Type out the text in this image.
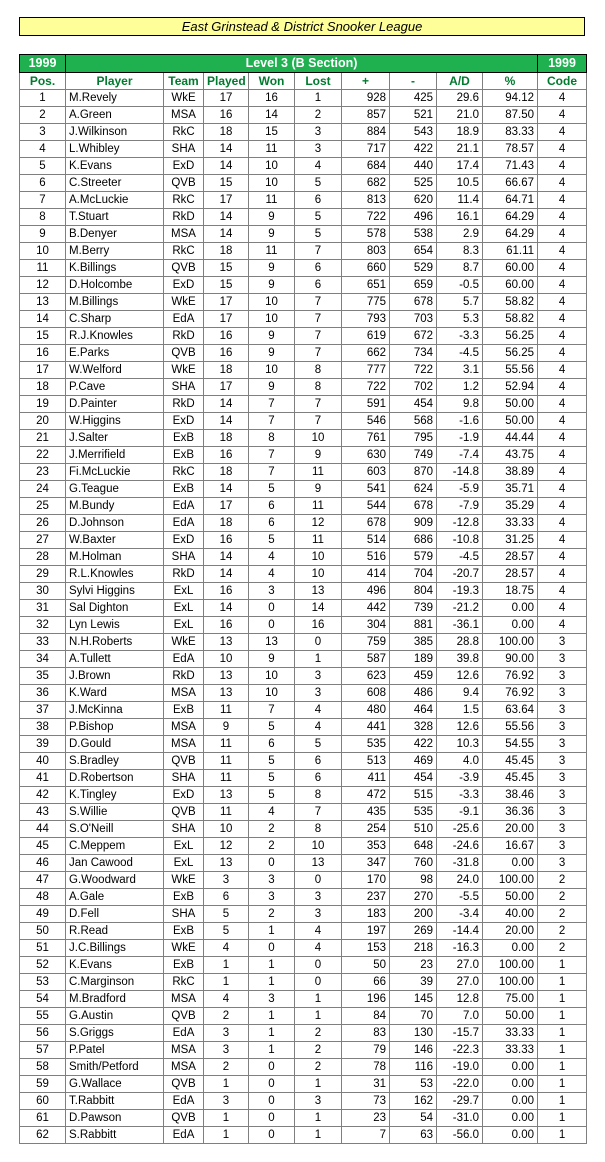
East Grinstead & District Snooker League
1999	Level 3 (B Section)									1999
Pos.	Player	Team	Played	Won	Lost	+	-	A/D	%	Code
1	M.Revely	WkE	17	16	1	928	425	29.6	94.12	4
2	A.Green	MSA	16	14	2	857	521	21.0	87.50	4
3	J.Wilkinson	RkC	18	15	3	884	543	18.9	83.33	4
4	L.Whibley	SHA	14	11	3	717	422	21.1	78.57	4
5	K.Evans	ExD	14	10	4	684	440	17.4	71.43	4
6	C.Streeter	QVB	15	10	5	682	525	10.5	66.67	4
7	A.McLuckie	RkC	17	11	6	813	620	11.4	64.71	4
8	T.Stuart	RkD	14	9	5	722	496	16.1	64.29	4
9	B.Denyer	MSA	14	9	5	578	538	2.9	64.29	4
10	M.Berry	RkC	18	11	7	803	654	8.3	61.11	4
11	K.Billings	QVB	15	9	6	660	529	8.7	60.00	4
12	D.Holcombe	ExD	15	9	6	651	659	-0.5	60.00	4
13	M.Billings	WkE	17	10	7	775	678	5.7	58.82	4
14	C.Sharp	EdA	17	10	7	793	703	5.3	58.82	4
15	R.J.Knowles	RkD	16	9	7	619	672	-3.3	56.25	4
16	E.Parks	QVB	16	9	7	662	734	-4.5	56.25	4
17	W.Welford	WkE	18	10	8	777	722	3.1	55.56	4
18	P.Cave	SHA	17	9	8	722	702	1.2	52.94	4
19	D.Painter	RkD	14	7	7	591	454	9.8	50.00	4
20	W.Higgins	ExD	14	7	7	546	568	-1.6	50.00	4
21	J.Salter	ExB	18	8	10	761	795	-1.9	44.44	4
22	J.Merrifield	ExB	16	7	9	630	749	-7.4	43.75	4
23	Fi.McLuckie	RkC	18	7	11	603	870	-14.8	38.89	4
24	G.Teague	ExB	14	5	9	541	624	-5.9	35.71	4
25	M.Bundy	EdA	17	6	11	544	678	-7.9	35.29	4
26	D.Johnson	EdA	18	6	12	678	909	-12.8	33.33	4
27	W.Baxter	ExD	16	5	11	514	686	-10.8	31.25	4
28	M.Holman	SHA	14	4	10	516	579	-4.5	28.57	4
29	R.L.Knowles	RkD	14	4	10	414	704	-20.7	28.57	4
30	Sylvi Higgins	ExL	16	3	13	496	804	-19.3	18.75	4
31	Sal Dighton	ExL	14	0	14	442	739	-21.2	0.00	4
32	Lyn Lewis	ExL	16	0	16	304	881	-36.1	0.00	4
33	N.H.Roberts	WkE	13	13	0	759	385	28.8	100.00	3
34	A.Tullett	EdA	10	9	1	587	189	39.8	90.00	3
35	J.Brown	RkD	13	10	3	623	459	12.6	76.92	3
36	K.Ward	MSA	13	10	3	608	486	9.4	76.92	3
37	J.McKinna	ExB	11	7	4	480	464	1.5	63.64	3
38	P.Bishop	MSA	9	5	4	441	328	12.6	55.56	3
39	D.Gould	MSA	11	6	5	535	422	10.3	54.55	3
40	S.Bradley	QVB	11	5	6	513	469	4.0	45.45	3
41	D.Robertson	SHA	11	5	6	411	454	-3.9	45.45	3
42	K.Tingley	ExD	13	5	8	472	515	-3.3	38.46	3
43	S.Willie	QVB	11	4	7	435	535	-9.1	36.36	3
44	S.O'Neill	SHA	10	2	8	254	510	-25.6	20.00	3
45	C.Meppem	ExL	12	2	10	353	648	-24.6	16.67	3
46	Jan Cawood	ExL	13	0	13	347	760	-31.8	0.00	3
47	G.Woodward	WkE	3	3	0	170	98	24.0	100.00	2
48	A.Gale	ExB	6	3	3	237	270	-5.5	50.00	2
49	D.Fell	SHA	5	2	3	183	200	-3.4	40.00	2
50	R.Read	ExB	5	1	4	197	269	-14.4	20.00	2
51	J.C.Billings	WkE	4	0	4	153	218	-16.3	0.00	2
52	K.Evans	ExB	1	1	0	50	23	27.0	100.00	1
53	C.Marginson	RkC	1	1	0	66	39	27.0	100.00	1
54	M.Bradford	MSA	4	3	1	196	145	12.8	75.00	1
55	G.Austin	QVB	2	1	1	84	70	7.0	50.00	1
56	S.Griggs	EdA	3	1	2	83	130	-15.7	33.33	1
57	P.Patel	MSA	3	1	2	79	146	-22.3	33.33	1
58	Smith/Petford	MSA	2	0	2	78	116	-19.0	0.00	1
59	G.Wallace	QVB	1	0	1	31	53	-22.0	0.00	1
60	T.Rabbitt	EdA	3	0	3	73	162	-29.7	0.00	1
61	D.Pawson	QVB	1	0	1	23	54	-31.0	0.00	1
62	S.Rabbitt	EdA	1	0	1	7	63	-56.0	0.00	1
